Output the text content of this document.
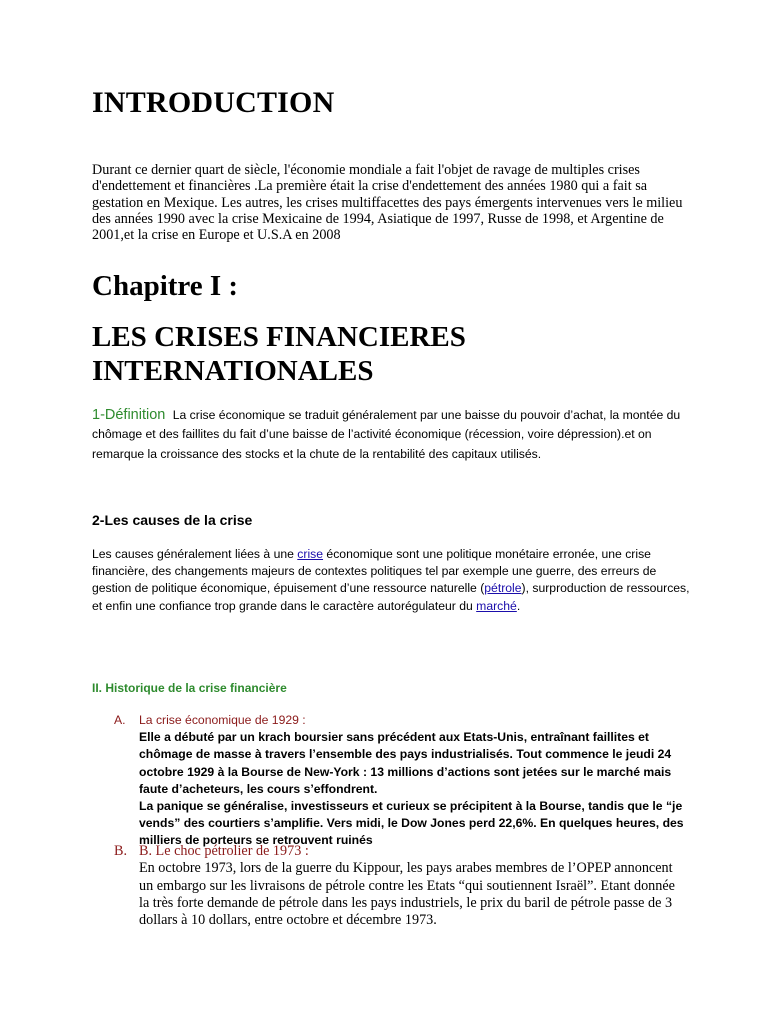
INTRODUCTION

Durant ce dernier quart de siècle, l'économie mondiale a fait l'objet de ravage de multiples crises d'endettement et financières .La première était la crise d'endettement des années 1980 qui a fait sa gestation en Mexique. Les autres, les crises multiffacettes des pays émergents intervenues vers le milieu des années 1990 avec la crise Mexicaine de 1994, Asiatique de 1997, Russe de 1998, et Argentine de 2001,et la crise en Europe et U.S.A en 2008

Chapitre I :
LES CRISES FINANCIERES INTERNATIONALES

1-Définition La crise économique se traduit généralement par une baisse du pouvoir d’achat, la montée du chômage et des faillites du fait d’une baisse de l’activité économique (récession, voire dépression).et on remarque la croissance des stocks et la chute de la rentabilité des capitaux utilisés.

2-Les causes de la crise

Les causes généralement liées à une crise économique sont une politique monétaire erronée, une crise financière, des changements majeurs de contextes politiques tel par exemple une guerre, des erreurs de gestion de politique économique, épuisement d’une ressource naturelle (pétrole), surproduction de ressources, et enfin une confiance trop grande dans le caractère autorégulateur du marché.

II. Historique de la crise financière
A. La crise économique de 1929 :
Elle a débuté par un krach boursier sans précédent aux Etats-Unis, entraînant faillites et chômage de masse à travers l’ensemble des pays industrialisés. Tout commence le jeudi 24 octobre 1929 à la Bourse de New-York : 13 millions d’actions sont jetées sur le marché mais faute d’acheteurs, les cours s’effondrent.
La panique se généralise, investisseurs et curieux se précipitent à la Bourse, tandis que le “je vends” des courtiers s’amplifie. Vers midi, le Dow Jones perd 22,6%. En quelques heures, des milliers de porteurs se retrouvent ruinés
B. B. Le choc pétrolier de 1973 :
En octobre 1973, lors de la guerre du Kippour, les pays arabes membres de l’OPEP annoncent un embargo sur les livraisons de pétrole contre les Etats “qui soutiennent Israël”. Etant donnée la très forte demande de pétrole dans les pays industriels, le prix du baril de pétrole passe de 3 dollars à 10 dollars, entre octobre et décembre 1973.
